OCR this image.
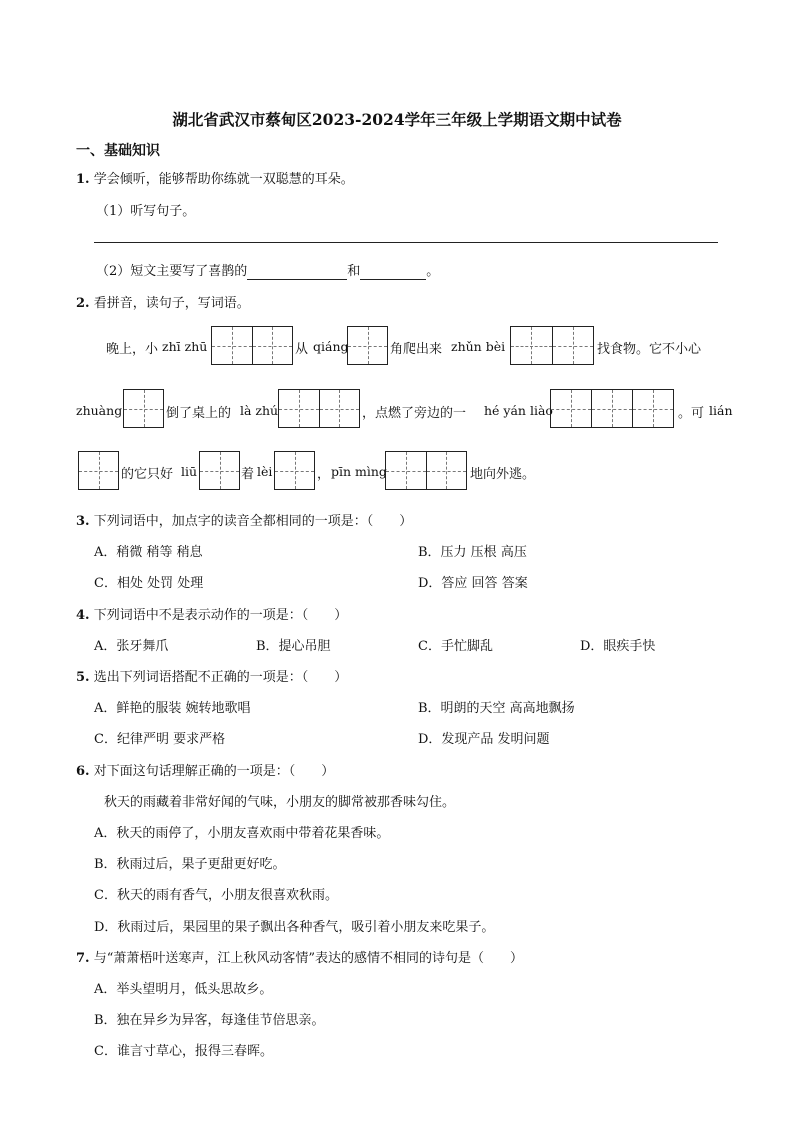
湖北省武汉市蔡甸区2023-2024学年三年级上学期语文期中试卷
一、基础知识
1. 学会倾听，能够帮助你练就一双聪慧的耳朵。
（1）听写句子。
（2）短文主要写了喜鹊的	和	。
2. 看拼音，读句子，写词语。
晚上，小 zhī zhū	从 qiáng	角爬出来 zhǔn bèi	找食物。它不小心
zhuàng	倒了桌上的 là zhú	，点燃了旁边的一 hé yán liào	。可 lián
的它只好 liū	着 lèi	， pīn mìng	地向外逃。
3. 下列词语中，加点字的读音全都相同的一项是：（　　）
A．稍微 稍等 稍息	B．压力 压根 高压
C．相处 处罚 处理	D．答应 回答 答案
4. 下列词语中不是表示动作的一项是：（　　）
A．张牙舞爪	B．提心吊胆	C．手忙脚乱	D．眼疾手快
5. 选出下列词语搭配不正确的一项是：（　　）
A．鲜艳的服装 婉转地歌唱	B．明朗的天空 高高地飘扬
C．纪律严明 要求严格	D．发现产品 发明问题
6. 对下面这句话理解正确的一项是：（　　）
秋天的雨藏着非常好闻的气味，小朋友的脚常被那香味勾住。
A．秋天的雨停了，小朋友喜欢雨中带着花果香味。
B．秋雨过后，果子更甜更好吃。
C．秋天的雨有香气，小朋友很喜欢秋雨。
D．秋雨过后，果园里的果子飘出各种香气，吸引着小朋友来吃果子。
7. 与“萧萧梧叶送寒声，江上秋风动客情”表达的感情不相同的诗句是（　　）
A．举头望明月，低头思故乡。
B．独在异乡为异客，每逢佳节倍思亲。
C．谁言寸草心，报得三春晖。
